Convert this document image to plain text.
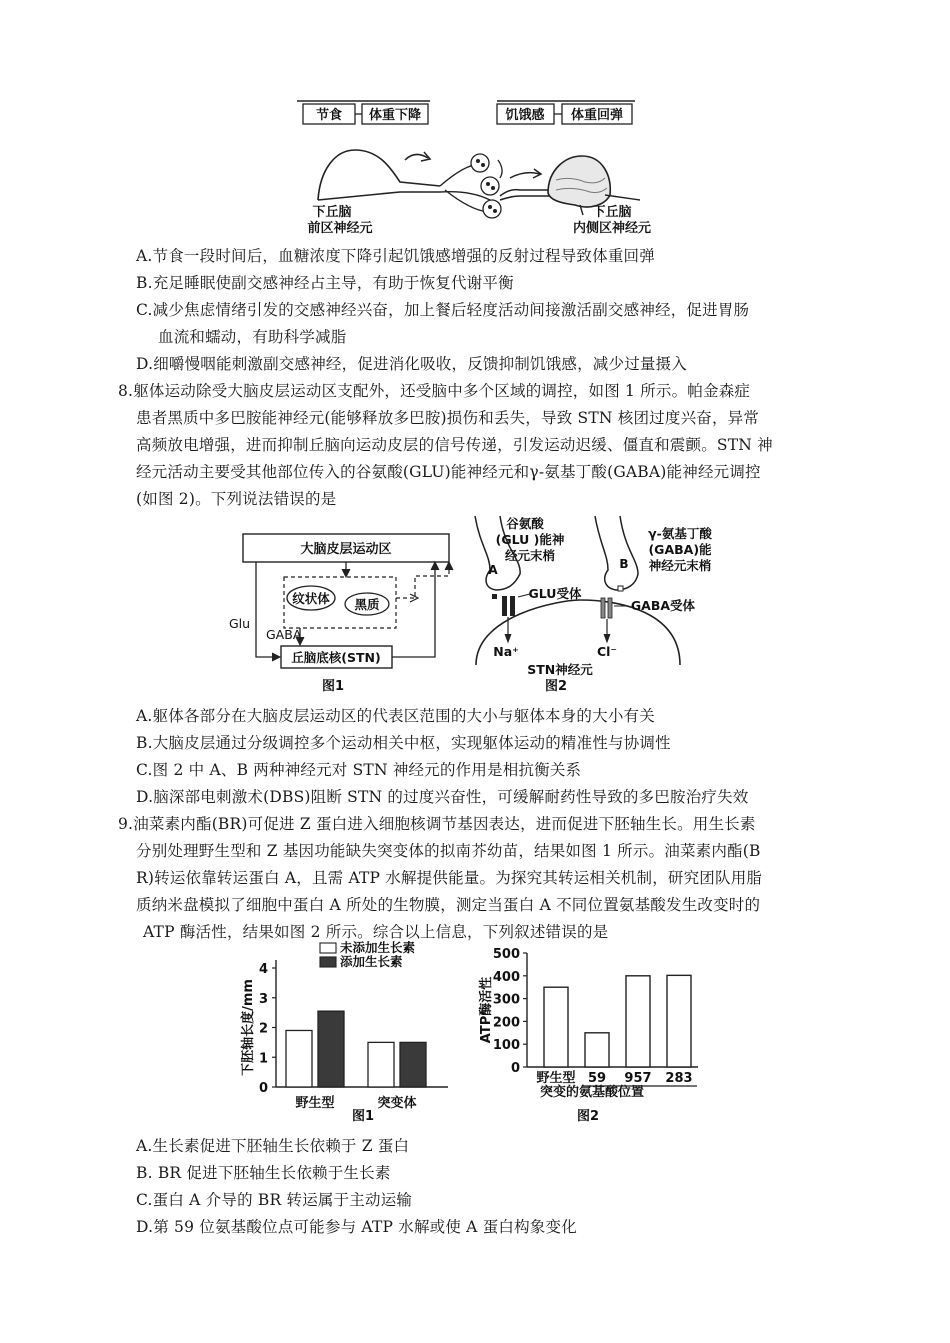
节食 体重下降	饥饿感 体重回弹
下丘脑
前区神经元
下丘脑
内侧区神经元
A.节食一段时间后，血糖浓度下降引起饥饿感增强的反射过程导致体重回弹
B.充足睡眠使副交感神经占主导，有助于恢复代谢平衡
C.减少焦虑情绪引发的交感神经兴奋，加上餐后轻度活动间接激活副交感神经，促进胃肠
血流和蠕动，有助科学减脂
D.细嚼慢咽能刺激副交感神经，促进消化吸收，反馈抑制饥饿感，减少过量摄入
8.躯体运动除受大脑皮层运动区支配外，还受脑中多个区域的调控，如图 1 所示。帕金森症
患者黑质中多巴胺能神经元(能够释放多巴胺)损伤和丢失，导致 STN 核团过度兴奋，异常
高频放电增强，进而抑制丘脑向运动皮层的信号传递，引发运动迟缓、僵直和震颤。STN 神
经元活动主要受其他部位传入的谷氨酸(GLU)能神经元和γ-氨基丁酸(GABA)能神经元调控
(如图 2)。下列说法错误的是
大脑皮层运动区
纹状体 黑质
丘脑底核(STN)
Glu
GABA
图1
A
谷氨酸
(GLU )能神
经元末梢
B
γ-氨基丁酸
(GABA)能
神经元末梢
GLU受体
GABA受体
Na⁺	Cl⁻
STN神经元
图2
A.躯体各部分在大脑皮层运动区的代表区范围的大小与躯体本身的大小有关
B.大脑皮层通过分级调控多个运动相关中枢，实现躯体运动的精准性与协调性
C.图 2 中 A、B 两种神经元对 STN 神经元的作用是相抗衡关系
D.脑深部电刺激术(DBS)阻断 STN 的过度兴奋性，可缓解耐药性导致的多巴胺治疗失效
9.油菜素内酯(BR)可促进 Z 蛋白进入细胞核调节基因表达，进而促进下胚轴生长。用生长素
分别处理野生型和 Z 基因功能缺失突变体的拟南芥幼苗，结果如图 1 所示。油菜素内酯(B
R)转运依靠转运蛋白 A，且需 ATP 水解提供能量。为探究其转运相关机制，研究团队用脂
质纳米盘模拟了细胞中蛋白 A 所处的生物膜，测定当蛋白 A 不同位置氨基酸发生改变时的
ATP 酶活性，结果如图 2 所示。综合以上信息，下列叙述错误的是
下胚轴长度/mm
图1
0
1
2
3
4
野生型	突变体
未添加生长素
添加生长素
ATP酶活性
突变的氨基酸位置
图2
0
100
200
300
400
500
野生型 59 957 283
A.生长素促进下胚轴生长依赖于 Z 蛋白
B. BR 促进下胚轴生长依赖于生长素
C.蛋白 A 介导的 BR 转运属于主动运输
D.第 59 位氨基酸位点可能参与 ATP 水解或使 A 蛋白构象变化
